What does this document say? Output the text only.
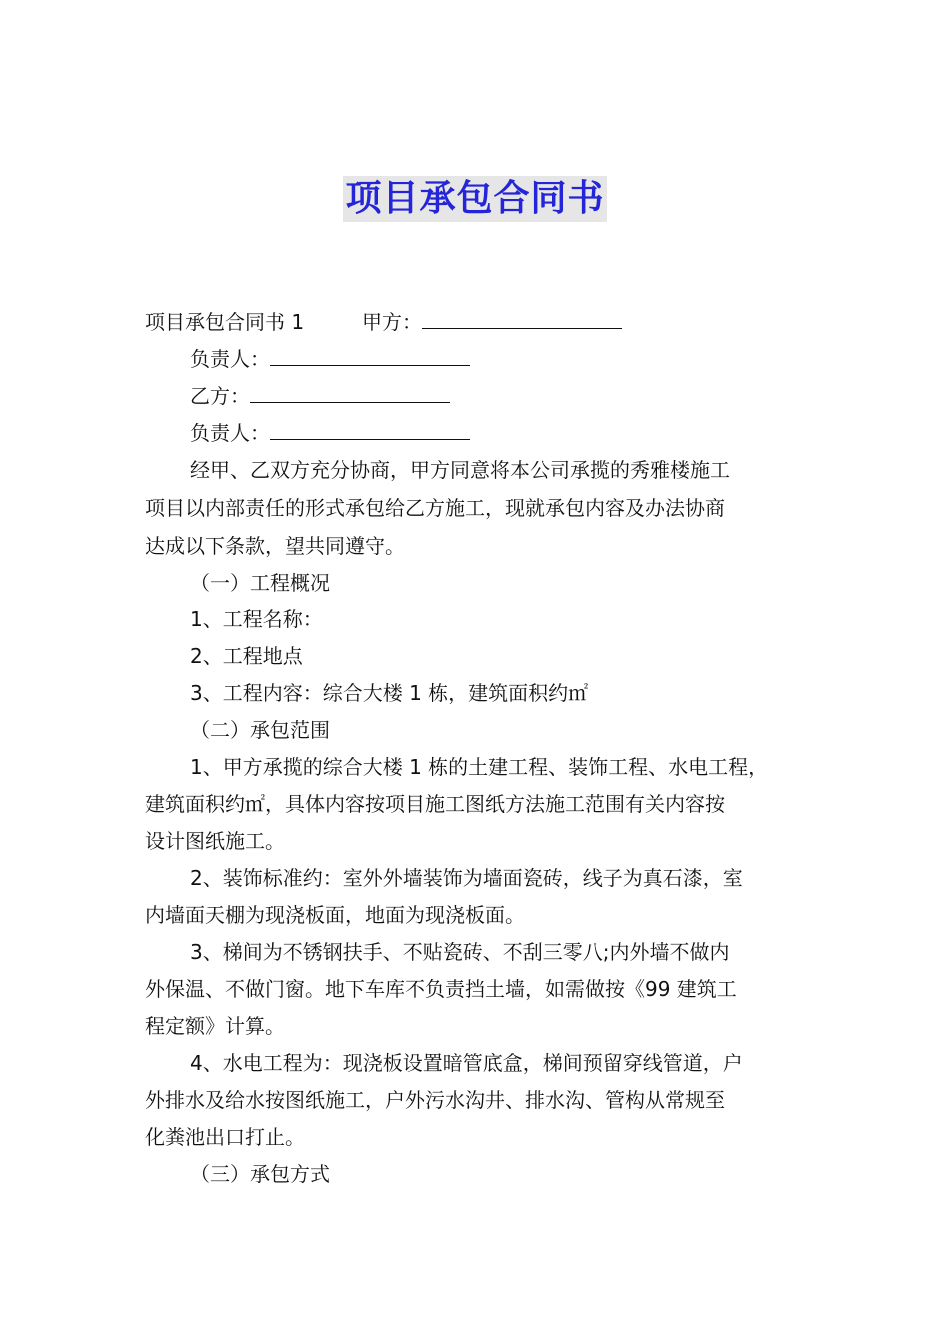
项目承包合同书
项目承包合同书 1	甲方：
负责人：
乙方：
负责人：
经甲、乙双方充分协商，甲方同意将本公司承揽的秀雅楼施工
项目以内部责任的形式承包给乙方施工，现就承包内容及办法协商
达成以下条款，望共同遵守。
（一）工程概况
1、工程名称：
2、工程地点
3、工程内容：综合大楼 1 栋，建筑面积约㎡
（二）承包范围
1、甲方承揽的综合大楼 1 栋的土建工程、装饰工程、水电工程，
建筑面积约㎡，具体内容按项目施工图纸方法施工范围有关内容按
设计图纸施工。
2、装饰标准约：室外外墙装饰为墙面瓷砖，线子为真石漆，室
内墙面天棚为现浇板面，地面为现浇板面。
3、梯间为不锈钢扶手、不贴瓷砖、不刮三零八;内外墙不做内
外保温、不做门窗。地下车库不负责挡土墙，如需做按《99 建筑工
程定额》计算。
4、水电工程为：现浇板设置暗管底盒，梯间预留穿线管道，户
外排水及给水按图纸施工，户外污水沟井、排水沟、管构从常规至
化粪池出口打止。
（三）承包方式
